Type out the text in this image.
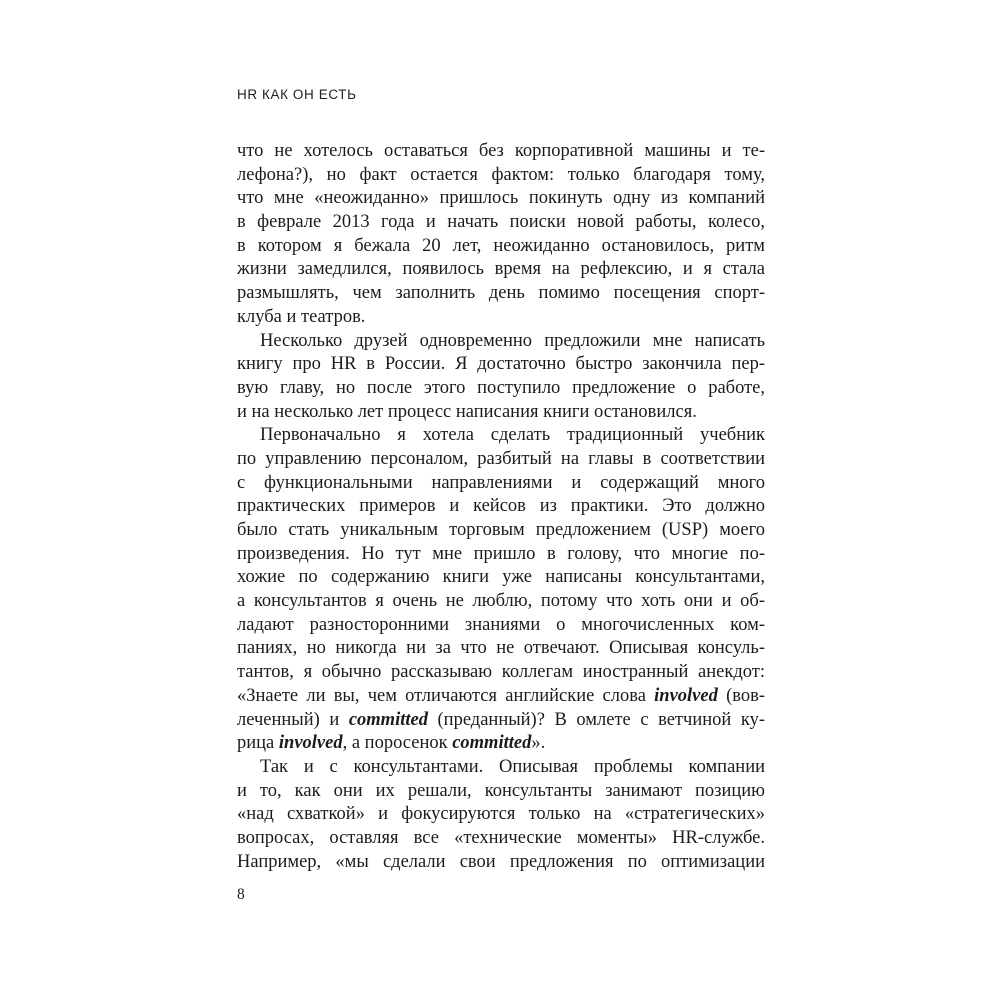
HR КАК ОН ЕСТЬ
что не хотелось оставаться без корпоративной машины и те-
лефона?), но факт остается фактом: только благодаря тому,
что мне «неожиданно» пришлось покинуть одну из компаний
в феврале 2013 года и начать поиски новой работы, колесо,
в котором я бежала 20 лет, неожиданно остановилось, ритм
жизни замедлился, появилось время на рефлексию, и я стала
размышлять, чем заполнить день помимо посещения спорт-
клуба и театров.
Несколько друзей одновременно предложили мне написать
книгу про HR в России. Я достаточно быстро закончила пер-
вую главу, но после этого поступило предложение о работе,
и на несколько лет процесс написания книги остановился.
Первоначально я хотела сделать традиционный учебник
по управлению персоналом, разбитый на главы в соответствии
с функциональными направлениями и содержащий много
практических примеров и кейсов из практики. Это должно
было стать уникальным торговым предложением (USP) моего
произведения. Но тут мне пришло в голову, что многие по-
хожие по содержанию книги уже написаны консультантами,
а консультантов я очень не люблю, потому что хоть они и об-
ладают разносторонними знаниями о многочисленных ком-
паниях, но никогда ни за что не отвечают. Описывая консуль-
тантов, я обычно рассказываю коллегам иностранный анекдот:
«Знаете ли вы, чем отличаются английские слова involved (вов-
леченный) и committed (преданный)? В омлете с ветчиной ку-
рица involved, а поросенок committed».
Так и с консультантами. Описывая проблемы компании
и то, как они их решали, консультанты занимают позицию
«над схваткой» и фокусируются только на «стратегических»
вопросах, оставляя все «технические моменты» HR-службе.
Например, «мы сделали свои предложения по оптимизации
8
